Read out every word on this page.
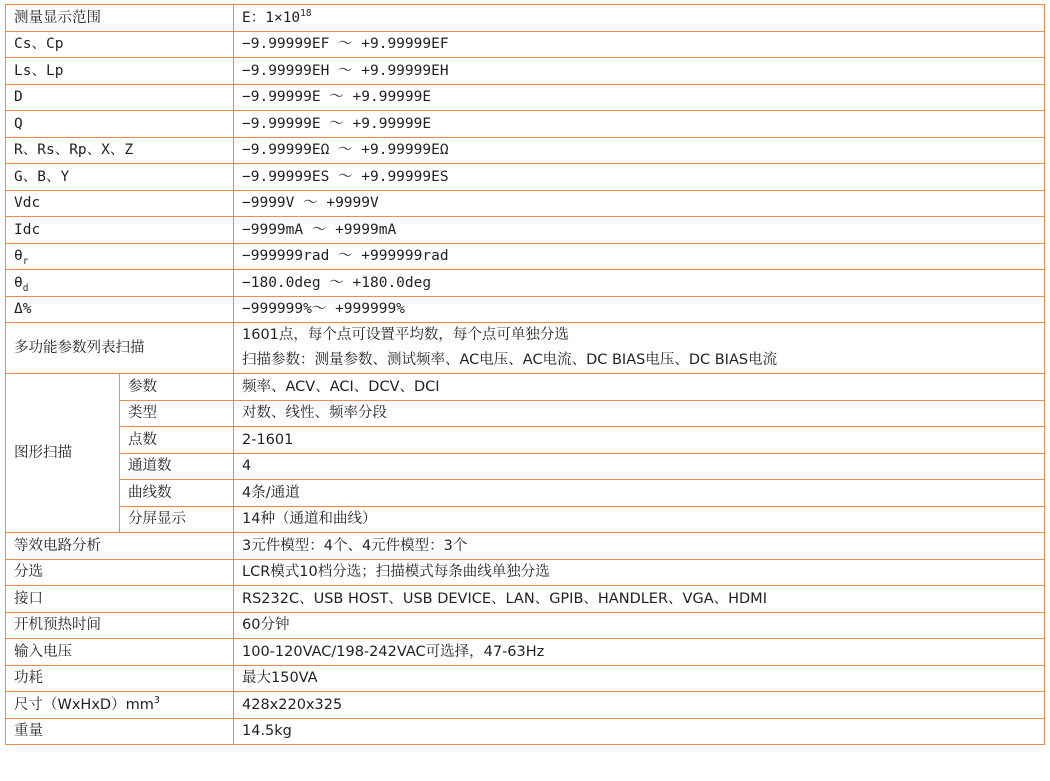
测量显示范围		E：$1\times 10^{18}$
Cs、Cp		−9.99999EF ～ +9.99999EF
Ls、Lp		−9.99999EH ～ +9.99999EH
D		−9.99999E ～ +9.99999E
Q		−9.99999E ～ +9.99999E
R、Rs、Rp、X、Z		−9.99999EΩ ～ +9.99999EΩ
G、B、Y		−9.99999ES ～ +9.99999ES
Vdc		−9999V ～ +9999V
Idc		−9999mA ～ +9999mA
$\theta_r$		−999999rad ～ +999999rad
$\theta_d$		−180.0deg ～ +180.0deg
Δ%		−999999%～ +999999%
多功能参数列表扫描		1601点，每个点可设置平均数，每个点可单独分选
扫描参数：测量参数、测试频率、AC电压、AC电流、DC BIAS电压、DC BIAS电流

图形扫描	参数	频率、ACV、ACI、DCV、DCI
	类型	对数、线性、频率分段
	点数	2-1601
	通道数	4
	曲线数	4条/通道
	分屏显示	14种（通道和曲线）
等效电路分析		3元件模型：4个、4元件模型：3个
分选		LCR模式10档分选；扫描模式每条曲线单独分选
接口		RS232C、USB HOST、USB DEVICE、LAN、GPIB、HANDLER、VGA、HDMI
开机预热时间		60分钟
输入电压		100-120VAC/198-242VAC可选择，47-63Hz
功耗		最大150VA
尺寸$(WxHxD)mm^3$		428x220x325
重量		14.5kg
